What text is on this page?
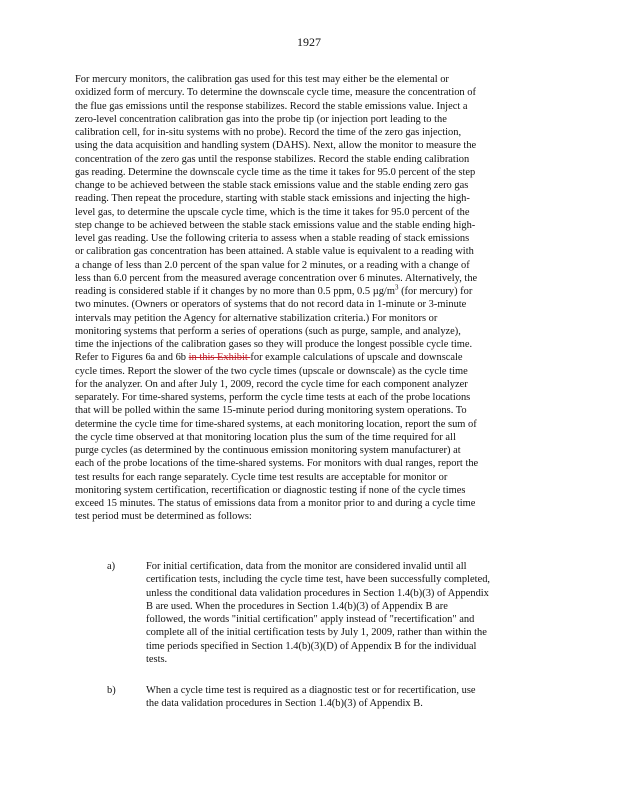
1927
For mercury monitors, the calibration gas used for this test may either be the elemental or
oxidized form of mercury. To determine the downscale cycle time, measure the concentration of
the flue gas emissions until the response stabilizes. Record the stable emissions value. Inject a
zero-level concentration calibration gas into the probe tip (or injection port leading to the
calibration cell, for in-situ systems with no probe). Record the time of the zero gas injection,
using the data acquisition and handling system (DAHS). Next, allow the monitor to measure the
concentration of the zero gas until the response stabilizes. Record the stable ending calibration
gas reading. Determine the downscale cycle time as the time it takes for 95.0 percent of the step
change to be achieved between the stable stack emissions value and the stable ending zero gas
reading. Then repeat the procedure, starting with stable stack emissions and injecting the high-
level gas, to determine the upscale cycle time, which is the time it takes for 95.0 percent of the
step change to be achieved between the stable stack emissions value and the stable ending high-
level gas reading. Use the following criteria to assess when a stable reading of stack emissions
or calibration gas concentration has been attained. A stable value is equivalent to a reading with
a change of less than 2.0 percent of the span value for 2 minutes, or a reading with a change of
less than 6.0 percent from the measured average concentration over 6 minutes. Alternatively, the
reading is considered stable if it changes by no more than 0.5 ppm, 0.5 $\mu g/m^3$ (for mercury) for
two minutes. (Owners or operators of systems that do not record data in 1-minute or 3-minute
intervals may petition the Agency for alternative stabilization criteria.) For monitors or
monitoring systems that perform a series of operations (such as purge, sample, and analyze),
time the injections of the calibration gases so they will produce the longest possible cycle time.
Refer to Figures 6a and 6b in this Exhibit for example calculations of upscale and downscale
cycle times. Report the slower of the two cycle times (upscale or downscale) as the cycle time
for the analyzer. On and after July 1, 2009, record the cycle time for each component analyzer
separately. For time-shared systems, perform the cycle time tests at each of the probe locations
that will be polled within the same 15-minute period during monitoring system operations. To
determine the cycle time for time-shared systems, at each monitoring location, report the sum of
the cycle time observed at that monitoring location plus the sum of the time required for all
purge cycles (as determined by the continuous emission monitoring system manufacturer) at
each of the probe locations of the time-shared systems. For monitors with dual ranges, report the
test results for each range separately. Cycle time test results are acceptable for monitor or
monitoring system certification, recertification or diagnostic testing if none of the cycle times
exceed 15 minutes. The status of emissions data from a monitor prior to and during a cycle time
test period must be determined as follows:
a)	For initial certification, data from the monitor are considered invalid until all
certification tests, including the cycle time test, have been successfully completed,
unless the conditional data validation procedures in Section 1.4(b)(3) of Appendix
B are used. When the procedures in Section 1.4(b)(3) of Appendix B are
followed, the words "initial certification" apply instead of "recertification" and
complete all of the initial certification tests by July 1, 2009, rather than within the
time periods specified in Section 1.4(b)(3)(D) of Appendix B for the individual
tests.
b)	When a cycle time test is required as a diagnostic test or for recertification, use
the data validation procedures in Section 1.4(b)(3) of Appendix B.
